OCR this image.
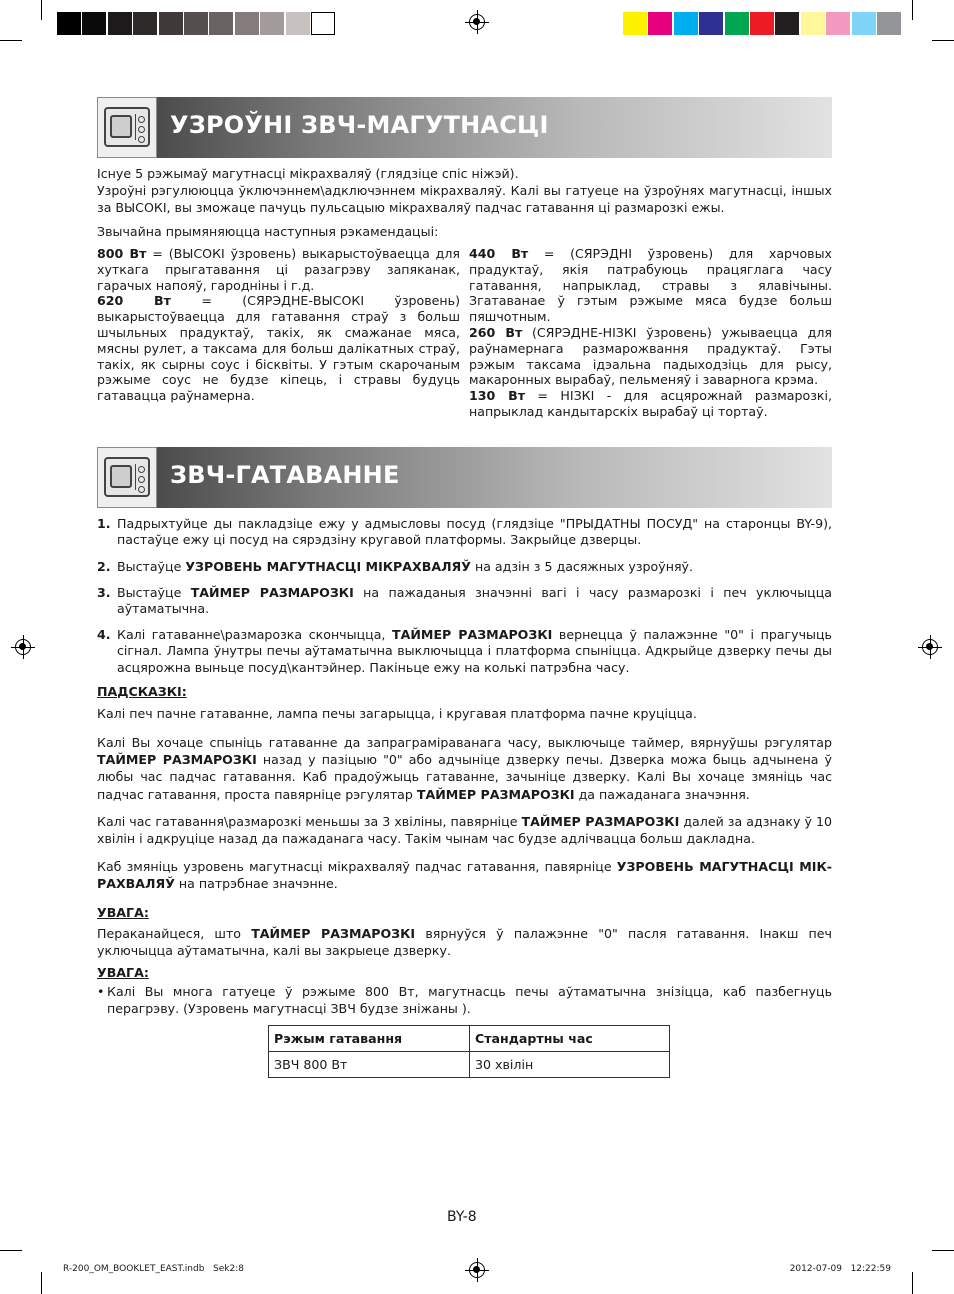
УЗРОЎНІ ЗВЧ-МАГУТНАСЦІ

Існуе 5 рэжымаў магутнасці мікрахваляў (глядзіце спіс ніжэй).

Узроўні рэгулююцца ўключэннем\адключэннем мікрахваляў. Калі вы гатуеце на ўзроўнях магутнасці, іншых за ВЫСОКІ, вы зможаце пачуць пульсацыю мікрахваляў падчас гатавання ці размарозкі ежы.

Звычайна прымяняюцца наступныя рэкамендацыі:

800 Вт = (ВЫСОКІ ўзровень) выкарыстоўваецца для хуткага прыгатавання ці разагрэву запяканак, гарачых напояў, гароднiны і г.д.

620 Вт = (СЯРЭДНЕ-ВЫСОКІ ўзровень) выкарыстоўваецца для гатавання страў з больш шчыльных прадуктаў, такіх, як смажанае мяса, мясны рулет, а таксама для больш далікатных страў, такіх, як сырны соус і бісквіты. У гэтым скарочаным рэжыме соус не будзе кіпець, і стравы будуць гатавацца раўнамерна.

440 Вт = (СЯРЭДНІ ўзровень) для харчовых прадуктаў, якія патрабуюць працяглага часу гатавання, напрыклад, стравы з ялавічыны. Згатаванае ў гэтым рэжыме мяса будзе больш пяшчотным.

260 Вт (СЯРЭДНЕ-НІЗКІ ўзровень) ужываецца для раўнамернага размарожвання прадуктаў. Гэты рэжым таксама ідэальна падыходзіць для рысу, макаронных вырабаў, пельменяў і заварнога крэма.

130 Вт = НІЗКІ - для асцярожнай размарозкі, напрыклад кандытарскіх вырабаў ці тортаў.

ЗВЧ-ГАТАВАННЕ
1. Падрыхтуйце ды пакладзіце ежу у адмысловы посуд (глядзіце "ПРЫДАТНЫ ПОСУД" на старонцы BY-9), пастаўце ежу ці посуд на сярэдзіну кругавой платформы. Закрыйце дзверцы.
2. Выстаўце УЗРОВЕНЬ МАГУТНАСЦІ МІКРАХВАЛЯЎ на адзін з 5 дасяжных узроўняў.
3. Выстаўце ТАЙМЕР РАЗМАРОЗКІ на пажаданыя значэнні вагі і часу размарозкі і печ уключыцца аўтаматычна.
4. Калі гатаванне\размарозка скончыцца, ТАЙМЕР РАЗМАРОЗКІ вернецца ў палажэнне "0" і прагучыць сігнал. Лампа ўнутры печы аўтаматычна выключыцца і платформа спыніцца. Адкрыйце дзверку печы ды асцярожна выньце посуд\кантэйнер. Пакіньце ежу на колькі патрэбна часу.
ПАДСКАЗКІ:

Калі печ пачне гатаванне, лампа печы загарыцца, і кругавая платформа пачне круціцца.

Калі Вы хочаце спыніць гатаванне да запраграміраванага часу, выключыце таймер, вярнуўшы рэгулятар ТАЙМЕР РАЗМАРОЗКІ назад у пазіцыю "0" або адчыніце дзверку печы. Дзверка можа быць адчынена ў любы час падчас гатавання. Каб прадоўжыць гатаванне, зачыніце дзверку. Калі Вы хочаце змяніць час падчас гатавання, проста павярніце рэгулятар ТАЙМЕР РАЗМАРОЗКІ да пажаданага значэння.

Калі час гатавання\размарозкі меньшы за 3 хвіліны, павярніце ТАЙМЕР РАЗМАРОЗКІ далей за адзнаку ў 10 хвілін і адкруціце назад да пажаданага часу. Такім чынам час будзе адлічвацца больш дакладна.

Каб змяніць узровень магутнасці мікрахваляў падчас гатавання, павярніце УЗРОВЕНЬ МАГУТНАСЦІ МІК-РАХВАЛЯЎ на патрэбнае значэнне.

УВАГА:

Пераканайцеся, што ТАЙМЕР РАЗМАРОЗКІ вярнуўся ў палажэнне "0" пасля гатавання. Інакш печ уключыцца аўтаматычна, калі вы закрыеце дзверку.

УВАГА:
• Калі Вы многа гатуеце ў рэжыме 800 Вт, магутнасць печы аўтаматычна знізіцца, каб пазбегнуць перагрэву. (Узровень магутнасці ЗВЧ будзе зніжаны ).
Рэжым гатавання	Стандартны час
ЗВЧ 800 Вт	30 хвілін
BY-8
R-200_OM_BOOKLET_EAST.indb   Sek2:8	2012-07-09   12:22:59
